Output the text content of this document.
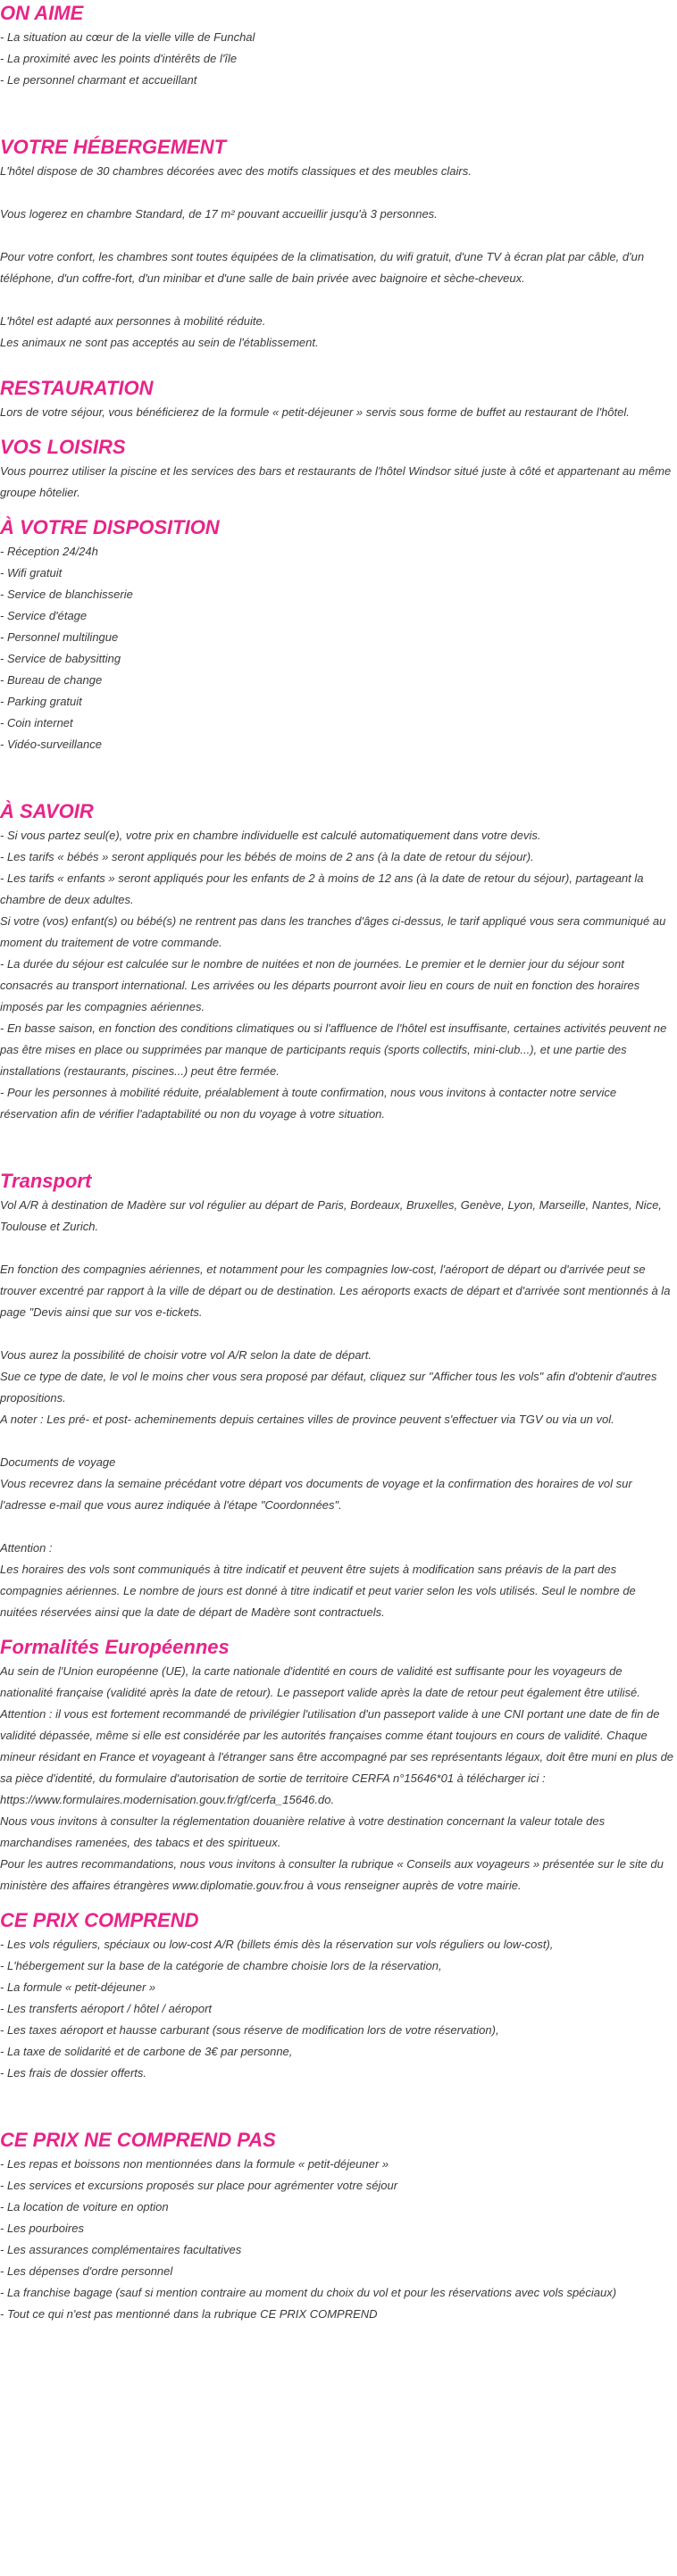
ON AIME

- La situation au cœur de la vielle ville de Funchal

- La proximité avec les points d'intérêts de l'île

- Le personnel charmant et accueillant

VOTRE HÉBERGEMENT

L'hôtel dispose de 30 chambres décorées avec des motifs classiques et des meubles clairs.

Vous logerez en chambre Standard, de 17 m² pouvant accueillir jusqu'à 3 personnes.

Pour votre confort, les chambres sont toutes équipées de la climatisation, du wifi gratuit, d'une TV à écran plat par câble, d'un téléphone, d'un coffre-fort, d'un minibar et d'une salle de bain privée avec baignoire et sèche-cheveux.

L'hôtel est adapté aux personnes à mobilité réduite.

Les animaux ne sont pas acceptés au sein de l'établissement.

RESTAURATION

Lors de votre séjour, vous bénéficierez de la formule « petit-déjeuner » servis sous forme de buffet au restaurant de l'hôtel.

VOS LOISIRS

Vous pourrez utiliser la piscine et les services des bars et restaurants de l'hôtel Windsor situé juste à côté et appartenant au même groupe hôtelier.

À VOTRE DISPOSITION

- Réception 24/24h

- Wifi gratuit

- Service de blanchisserie

- Service d'étage

- Personnel multilingue

- Service de babysitting

- Bureau de change

- Parking gratuit

- Coin internet

- Vidéo-surveillance

À SAVOIR

- Si vous partez seul(e), votre prix en chambre individuelle est calculé automatiquement dans votre devis.

- Les tarifs « bébés » seront appliqués pour les bébés de moins de 2 ans (à la date de retour du séjour).

- Les tarifs « enfants » seront appliqués pour les enfants de 2 à moins de 12 ans (à la date de retour du séjour), partageant la chambre de deux adultes.

Si votre (vos) enfant(s) ou bébé(s) ne rentrent pas dans les tranches d'âges ci-dessus, le tarif appliqué vous sera communiqué au moment du traitement de votre commande.

- La durée du séjour est calculée sur le nombre de nuitées et non de journées. Le premier et le dernier jour du séjour sont consacrés au transport international. Les arrivées ou les départs pourront avoir lieu en cours de nuit en fonction des horaires imposés par les compagnies aériennes.

- En basse saison, en fonction des conditions climatiques ou si l'affluence de l'hôtel est insuffisante, certaines activités peuvent ne pas être mises en place ou supprimées par manque de participants requis (sports collectifs, mini-club...), et une partie des installations (restaurants, piscines...) peut être fermée.

- Pour les personnes à mobilité réduite, préalablement à toute confirmation, nous vous invitons à contacter notre service réservation afin de vérifier l'adaptabilité ou non du voyage à votre situation.

Transport

Vol A/R à destination de Madère sur vol régulier au départ de Paris, Bordeaux, Bruxelles, Genève, Lyon, Marseille, Nantes, Nice, Toulouse et Zurich.

En fonction des compagnies aériennes, et notamment pour les compagnies low-cost, l'aéroport de départ ou d'arrivée peut se trouver excentré par rapport à la ville de départ ou de destination. Les aéroports exacts de départ et d'arrivée sont mentionnés à la page "Devis ainsi que sur vos e-tickets.

Vous aurez la possibilité de choisir votre vol A/R selon la date de départ.

Sue ce type de date, le vol le moins cher vous sera proposé par défaut, cliquez sur "Afficher tous les vols" afin d'obtenir d'autres propositions.

A noter : Les pré- et post- acheminements depuis certaines villes de province peuvent s'effectuer via TGV ou via un vol.

Documents de voyage

Vous recevrez dans la semaine précédant votre départ vos documents de voyage et la confirmation des horaires de vol sur l'adresse e-mail que vous aurez indiquée à l'étape "Coordonnées".

Attention :

Les horaires des vols sont communiqués à titre indicatif et peuvent être sujets à modification sans préavis de la part des compagnies aériennes. Le nombre de jours est donné à titre indicatif et peut varier selon les vols utilisés. Seul le nombre de nuitées réservées ainsi que la date de départ de Madère sont contractuels.

Formalités Européennes

Au sein de l'Union européenne (UE), la carte nationale d'identité en cours de validité est suffisante pour les voyageurs de nationalité française (validité après la date de retour). Le passeport valide après la date de retour peut également être utilisé. Attention : il vous est fortement recommandé de privilégier l'utilisation d'un passeport valide à une CNI portant une date de fin de validité dépassée, même si elle est considérée par les autorités françaises comme étant toujours en cours de validité. Chaque mineur résidant en France et voyageant à l'étranger sans être accompagné par ses représentants légaux, doit être muni en plus de sa pièce d'identité, du formulaire d'autorisation de sortie de territoire CERFA n°15646*01 à télécharger ici : https://www.formulaires.modernisation.gouv.fr/gf/cerfa_15646.do.

Nous vous invitons à consulter la réglementation douanière relative à votre destination concernant la valeur totale des marchandises ramenées, des tabacs et des spiritueux.

Pour les autres recommandations, nous vous invitons à consulter la rubrique « Conseils aux voyageurs » présentée sur le site du ministère des affaires étrangères www.diplomatie.gouv.frou à vous renseigner auprès de votre mairie.

CE PRIX COMPREND

- Les vols réguliers, spéciaux ou low-cost A/R (billets émis dès la réservation sur vols réguliers ou low-cost),

- L'hébergement sur la base de la catégorie de chambre choisie lors de la réservation,

- La formule « petit-déjeuner »

- Les transferts aéroport / hôtel / aéroport

- Les taxes aéroport et hausse carburant (sous réserve de modification lors de votre réservation),

- La taxe de solidarité et de carbone de 3€ par personne,

- Les frais de dossier offerts.

CE PRIX NE COMPREND PAS

- Les repas et boissons non mentionnées dans la formule « petit-déjeuner »

- Les services et excursions proposés sur place pour agrémenter votre séjour

- La location de voiture en option

- Les pourboires

- Les assurances complémentaires facultatives

- Les dépenses d'ordre personnel

- La franchise bagage (sauf si mention contraire au moment du choix du vol et pour les réservations avec vols spéciaux)

- Tout ce qui n'est pas mentionné dans la rubrique CE PRIX COMPREND
